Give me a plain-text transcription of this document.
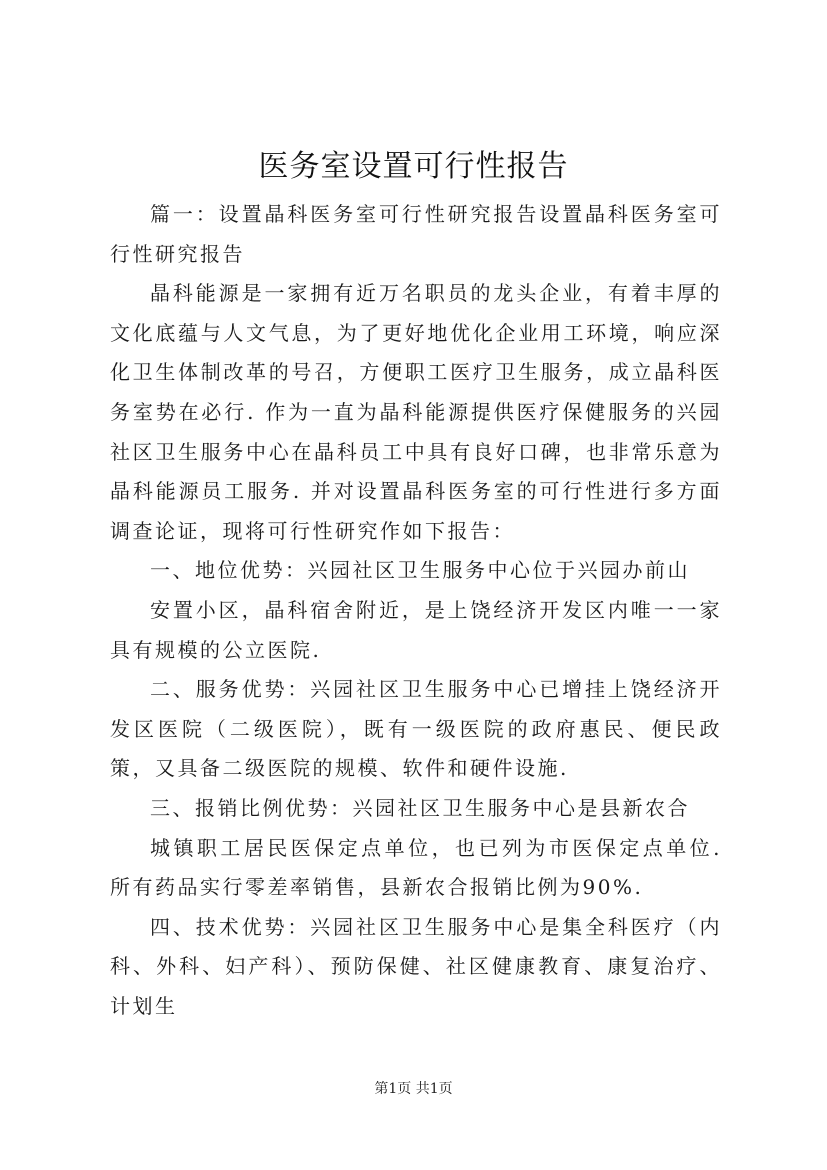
医务室设置可行性报告

篇一：设置晶科医务室可行性研究报告设置晶科医务室可行性研究报告

晶科能源是一家拥有近万名职员的龙头企业，有着丰厚的文化底蕴与人文气息，为了更好地优化企业用工环境，响应深化卫生体制改革的号召，方便职工医疗卫生服务，成立晶科医务室势在必行. 作为一直为晶科能源提供医疗保健服务的兴园社区卫生服务中心在晶科员工中具有良好口碑，也非常乐意为晶科能源员工服务. 并对设置晶科医务室的可行性进行多方面调查论证，现将可行性研究作如下报告：

一、地位优势：兴园社区卫生服务中心位于兴园办前山

安置小区，晶科宿舍附近，是上饶经济开发区内唯一一家具有规模的公立医院.

二、服务优势：兴园社区卫生服务中心已增挂上饶经济开发区医院（二级医院），既有一级医院的政府惠民、便民政策，又具备二级医院的规模、软件和硬件设施.

三、报销比例优势：兴园社区卫生服务中心是县新农合

城镇职工居民医保定点单位，也已列为市医保定点单位. 所有药品实行零差率销售，县新农合报销比例为90%.

四、技术优势：兴园社区卫生服务中心是集全科医疗（内科、外科、妇产科）、预防保健、社区健康教育、康复治疗、计划生

第1页 共1页
